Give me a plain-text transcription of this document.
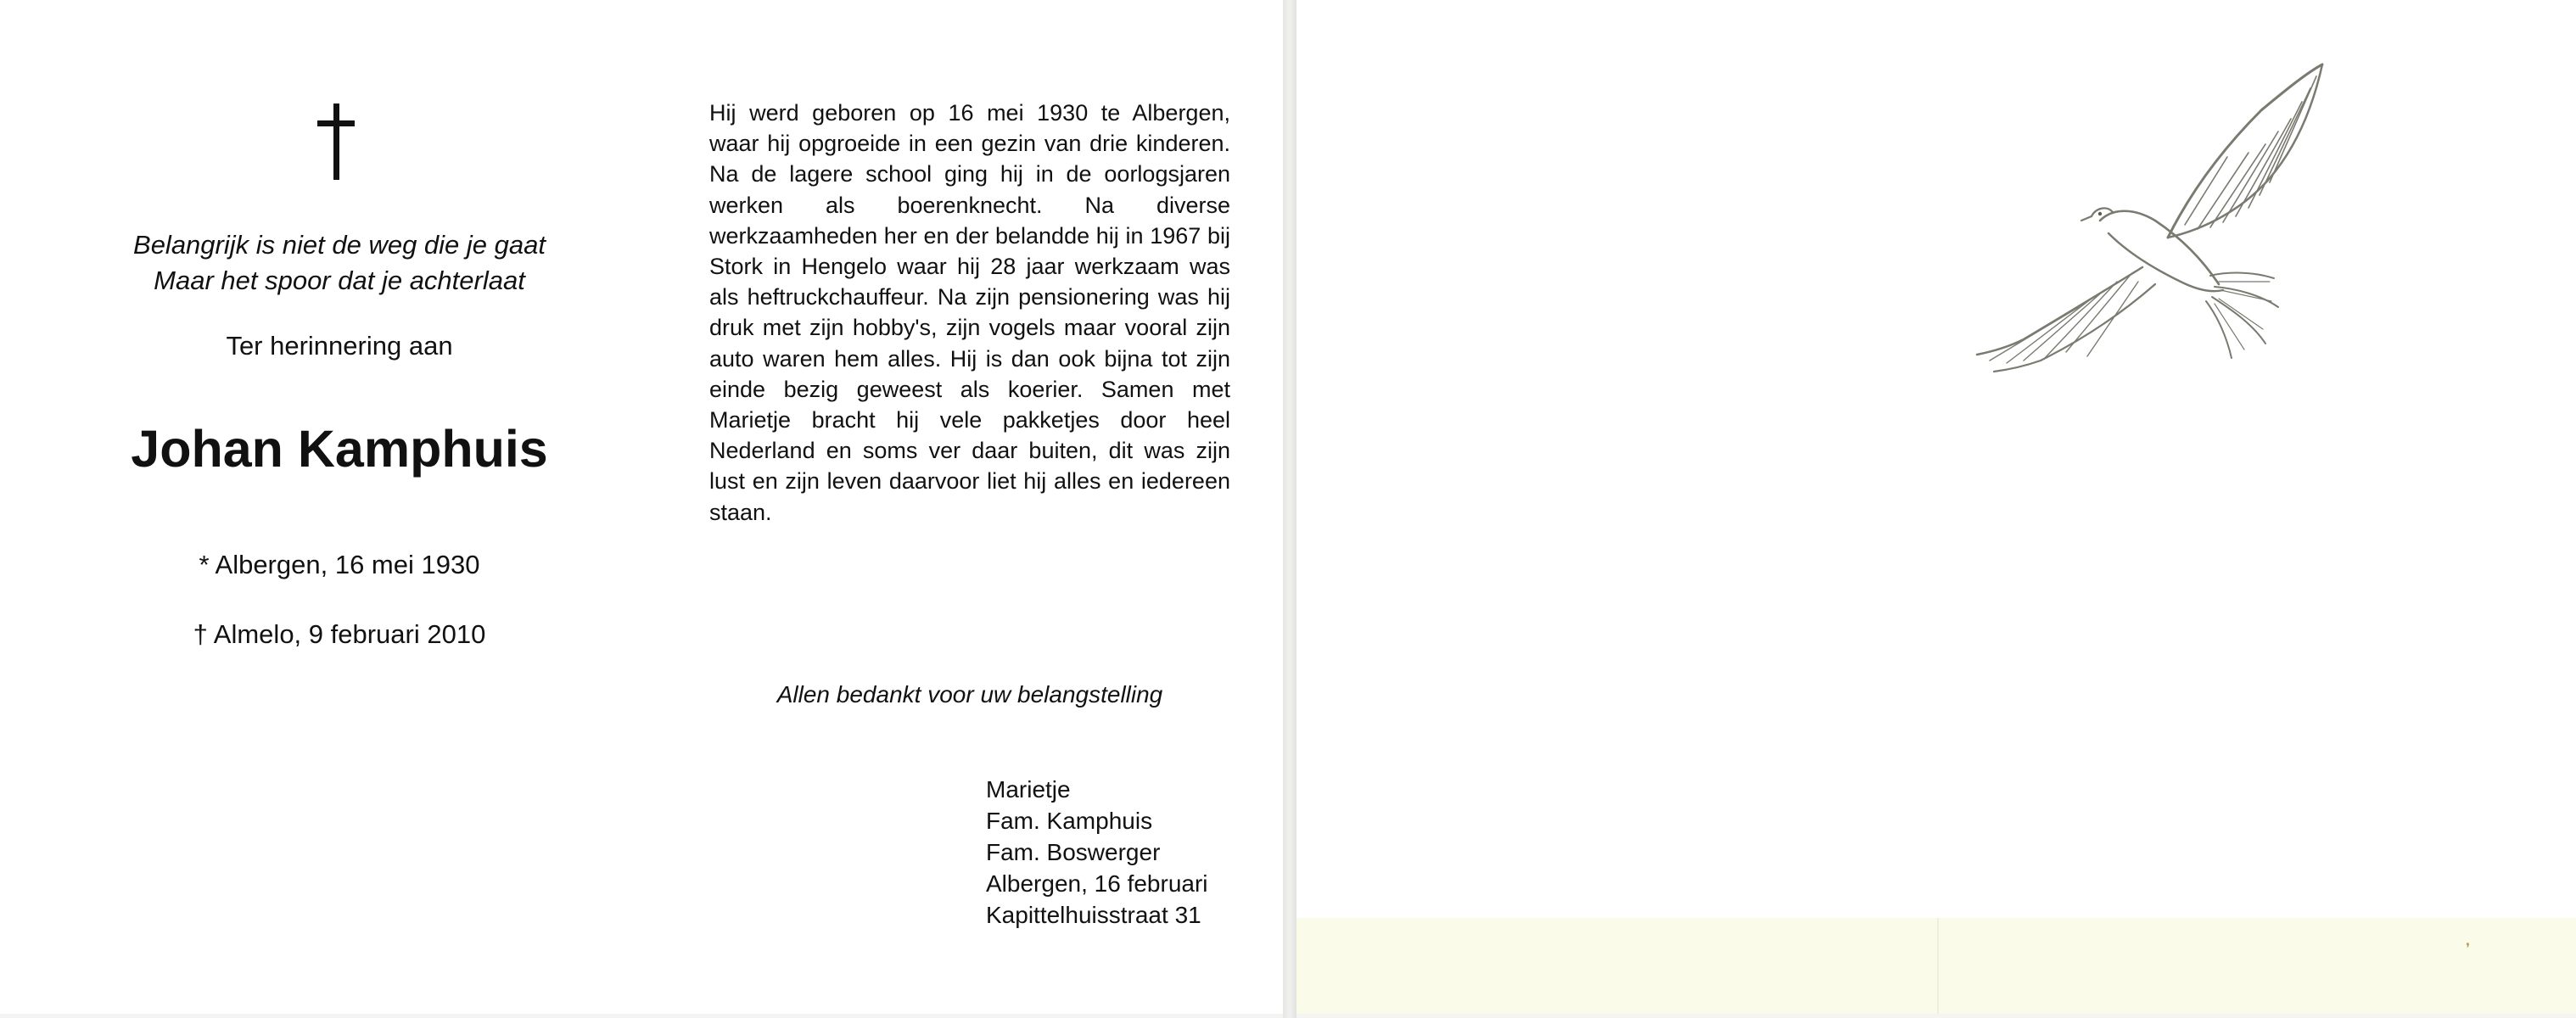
Belangrijk is niet de weg die je gaat
Maar het spoor dat je achterlaat
Ter herinnering aan
Johan Kamphuis
* Albergen, 16 mei 1930
† Almelo, 9 februari 2010
Hij werd geboren op 16 mei 1930 te Albergen, waar hij opgroeide in een gezin van drie kinderen. Na de lagere school ging hij in de oorlogsjaren werken als boerenknecht. Na diverse werkzaamheden her en der belandde hij in 1967 bij Stork in Hengelo waar hij 28 jaar werkzaam was als heftruckchauffeur. Na zijn pensionering was hij druk met zijn hobby's, zijn vogels maar vooral zijn auto waren hem alles. Hij is dan ook bijna tot zijn einde bezig geweest als koerier. Samen met Marietje bracht hij vele pakketjes door heel Nederland en soms ver daar buiten, dit was zijn lust en zijn leven daarvoor liet hij alles en iedereen staan.
Allen bedankt voor uw belangstelling
Marietje
Fam. Kamphuis
Fam. Boswerger
Albergen, 16 februari
Kapittelhuisstraat 31
❜
